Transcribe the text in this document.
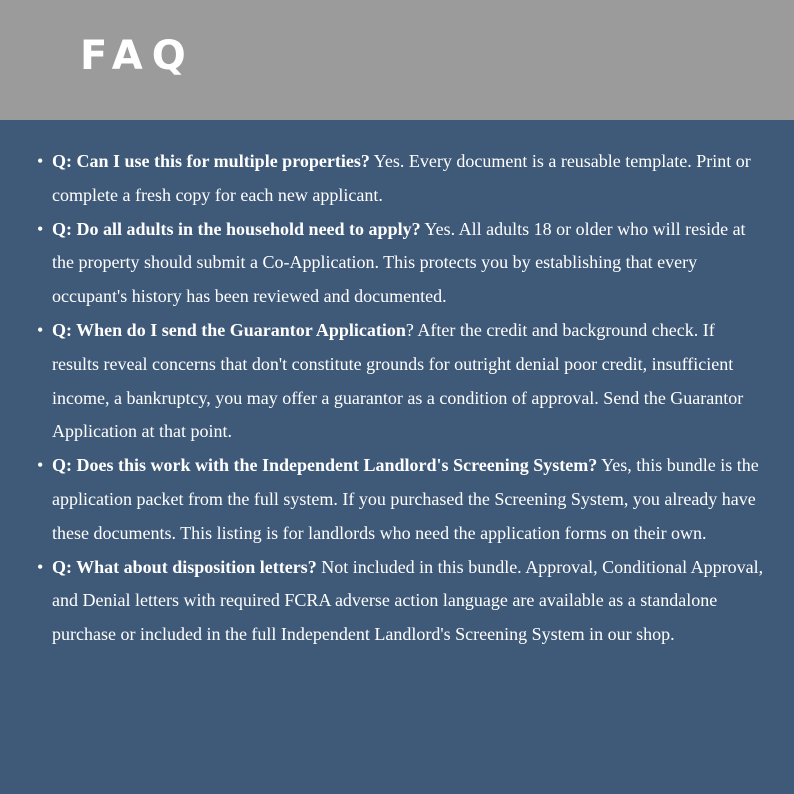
FAQ
• Q: Can I use this for multiple properties? Yes. Every document is a reusable template. Print or complete a fresh copy for each new applicant.
• Q: Do all adults in the household need to apply? Yes. All adults 18 or older who will reside at the property should submit a Co-Application. This protects you by establishing that every occupant's history has been reviewed and documented.
• Q: When do I send the Guarantor Application? After the credit and background check. If results reveal concerns that don't constitute grounds for outright denial poor credit, insufficient income, a bankruptcy, you may offer a guarantor as a condition of approval. Send the Guarantor Application at that point.
• Q: Does this work with the Independent Landlord's Screening System? Yes, this bundle is the application packet from the full system. If you purchased the Screening System, you already have these documents. This listing is for landlords who need the application forms on their own.
• Q: What about disposition letters? Not included in this bundle. Approval, Conditional Approval, and Denial letters with required FCRA adverse action language are available as a standalone purchase or included in the full Independent Landlord's Screening System in our shop.
